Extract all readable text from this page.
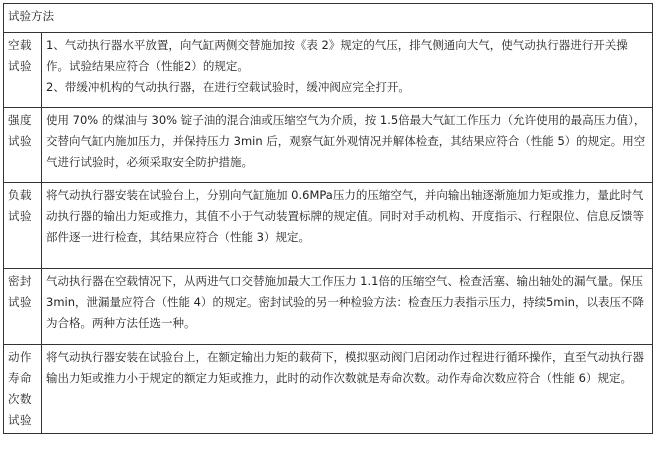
试验方法	
空载试验	1、气动执行器水平放置，向气缸两侧交替施加按《表 2》规定的气压，排气侧通向大气，使气动执行器进行开关操作。试验结果应符合（性能2）的规定。

2、带缓冲机构的气动执行器，在进行空载试验时，缓冲阀应完全打开。

强度试验	使用 70% 的煤油与 30% 锭子油的混合油或压缩空气为介质，按 1.5倍最大气缸工作压力（允许使用的最高压力值），交替向气缸内施加压力，并保持压力 3min 后，观察气缸外观情况并解体检查，其结果应符合（性能 5）的规定。用空气进行试验时，必须采取安全防护措施。

负载试验	将气动执行器安装在试验台上，分别向气缸施加 0.6MPa压力的压缩空气，并向输出轴逐渐施加力矩或推力，量此时气动执行器的输出力矩或推力，其值不小于气动装置标牌的规定值。同时对手动机构、开度指示、行程限位、信息反馈等部件逐一进行检查，其结果应符合（性能 3）规定。

密封试验	气动执行器在空载情况下，从两进气口交替施加最大工作压力 1.1倍的压缩空气、检查活塞、输出轴处的漏气量。保压 3min，泄漏量应符合（性能 4）的规定。密封试验的另一种检验方法：检查压力表指示压力，持续5min，以表压不降为合格。两种方法任选一种。

动作寿命次数试验	将气动执行器安装在试验台上，在额定输出力矩的载荷下，模拟驱动阀门启闭动作过程进行循环操作，直至气动执行器输出力矩或推力小于规定的额定力矩或推力，此时的动作次数就是寿命次数。动作寿命次数应符合（性能 6）规定。
